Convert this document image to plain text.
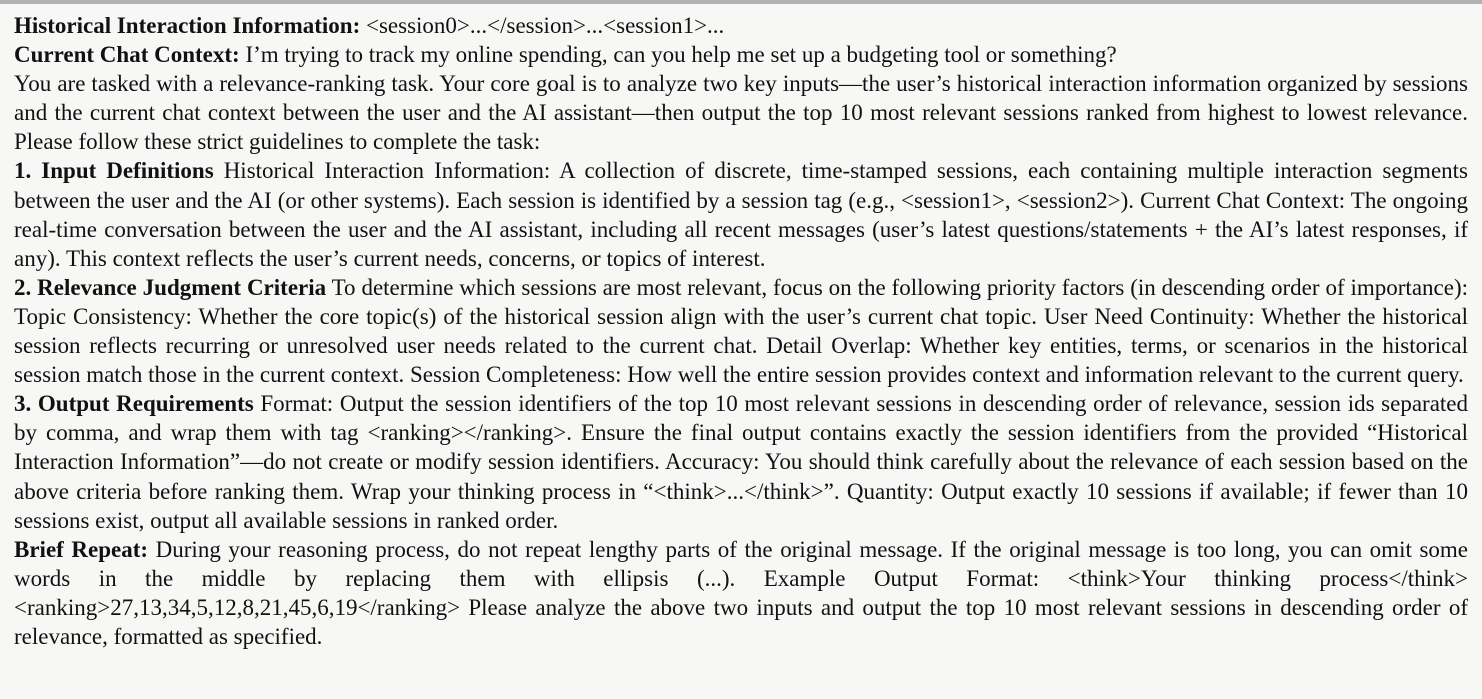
Historical Interaction Information: <session0>...</session>...<session1>...

Current Chat Context: I’m trying to track my online spending, can you help me set up a budgeting tool or something?

You are tasked with a relevance-ranking task. Your core goal is to analyze two key inputs—the user’s historical interaction information organized by sessions and the current chat context between the user and the AI assistant—then output the top 10 most relevant sessions ranked from highest to lowest relevance. Please follow these strict guidelines to complete the task:

1. Input Definitions Historical Interaction Information: A collection of discrete, time-stamped sessions, each containing multiple interaction segments between the user and the AI (or other systems). Each session is identified by a session tag (e.g., <session1>, <session2>). Current Chat Context: The ongoing real-time conversation between the user and the AI assistant, including all recent messages (user’s latest questions/statements + the AI’s latest responses, if any). This context reflects the user’s current needs, concerns, or topics of interest.

2. Relevance Judgment Criteria To determine which sessions are most relevant, focus on the following priority factors (in descending order of importance): Topic Consistency: Whether the core topic(s) of the historical session align with the user’s current chat topic. User Need Continuity: Whether the historical session reflects recurring or unresolved user needs related to the current chat. Detail Overlap: Whether key entities, terms, or scenarios in the historical session match those in the current context. Session Completeness: How well the entire session provides context and information relevant to the current query.

3. Output Requirements Format: Output the session identifiers of the top 10 most relevant sessions in descending order of relevance, session ids separated by comma, and wrap them with tag <ranking></ranking>. Ensure the final output contains exactly the session identifiers from the provided “Historical Interaction Information”—do not create or modify session identifiers. Accuracy: You should think carefully about the relevance of each session based on the above criteria before ranking them. Wrap your thinking process in “<think>...</think>”. Quantity: Output exactly 10 sessions if available; if fewer than 10 sessions exist, output all available sessions in ranked order.

Brief Repeat: During your reasoning process, do not repeat lengthy parts of the original message. If the original message is too long, you can omit some words in the middle by replacing them with ellipsis (...). Example Output Format: <think>Your thinking process</think><ranking>27,13,34,5,12,8,21,45,6,19</ranking> Please analyze the above two inputs and output the top 10 most relevant sessions in descending order of relevance, formatted as specified.
